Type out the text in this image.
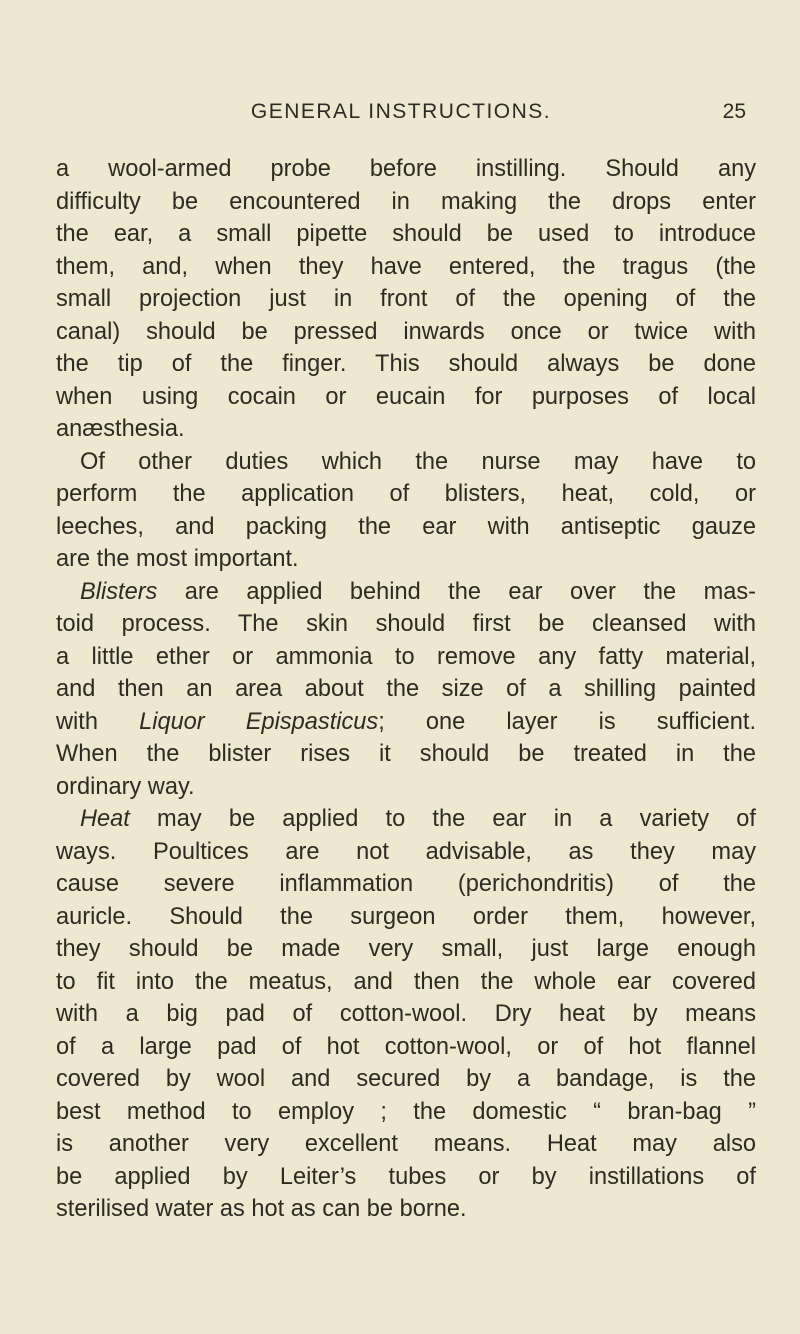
GENERAL INSTRUCTIONS.	25
a wool-armed probe before instilling. Should any
difficulty be encountered in making the drops enter
the ear, a small pipette should be used to introduce
them, and, when they have entered, the tragus (the
small projection just in front of the opening of the
canal) should be pressed inwards once or twice with
the tip of the finger. This should always be done
when using cocain or eucain for purposes of local
anæsthesia.
Of other duties which the nurse may have to
perform the application of blisters, heat, cold, or
leeches, and packing the ear with antiseptic gauze
are the most important.
Blisters are applied behind the ear over the mas-
toid process. The skin should first be cleansed with
a little ether or ammonia to remove any fatty material,
and then an area about the size of a shilling painted
with Liquor Epispasticus; one layer is sufficient.
When the blister rises it should be treated in the
ordinary way.
Heat may be applied to the ear in a variety of
ways. Poultices are not advisable, as they may
cause severe inflammation (perichondritis) of the
auricle. Should the surgeon order them, however,
they should be made very small, just large enough
to fit into the meatus, and then the whole ear covered
with a big pad of cotton-wool. Dry heat by means
of a large pad of hot cotton-wool, or of hot flannel
covered by wool and secured by a bandage, is the
best method to employ ; the domestic “ bran-bag ”
is another very excellent means. Heat may also
be applied by Leiter’s tubes or by instillations of
sterilised water as hot as can be borne.
